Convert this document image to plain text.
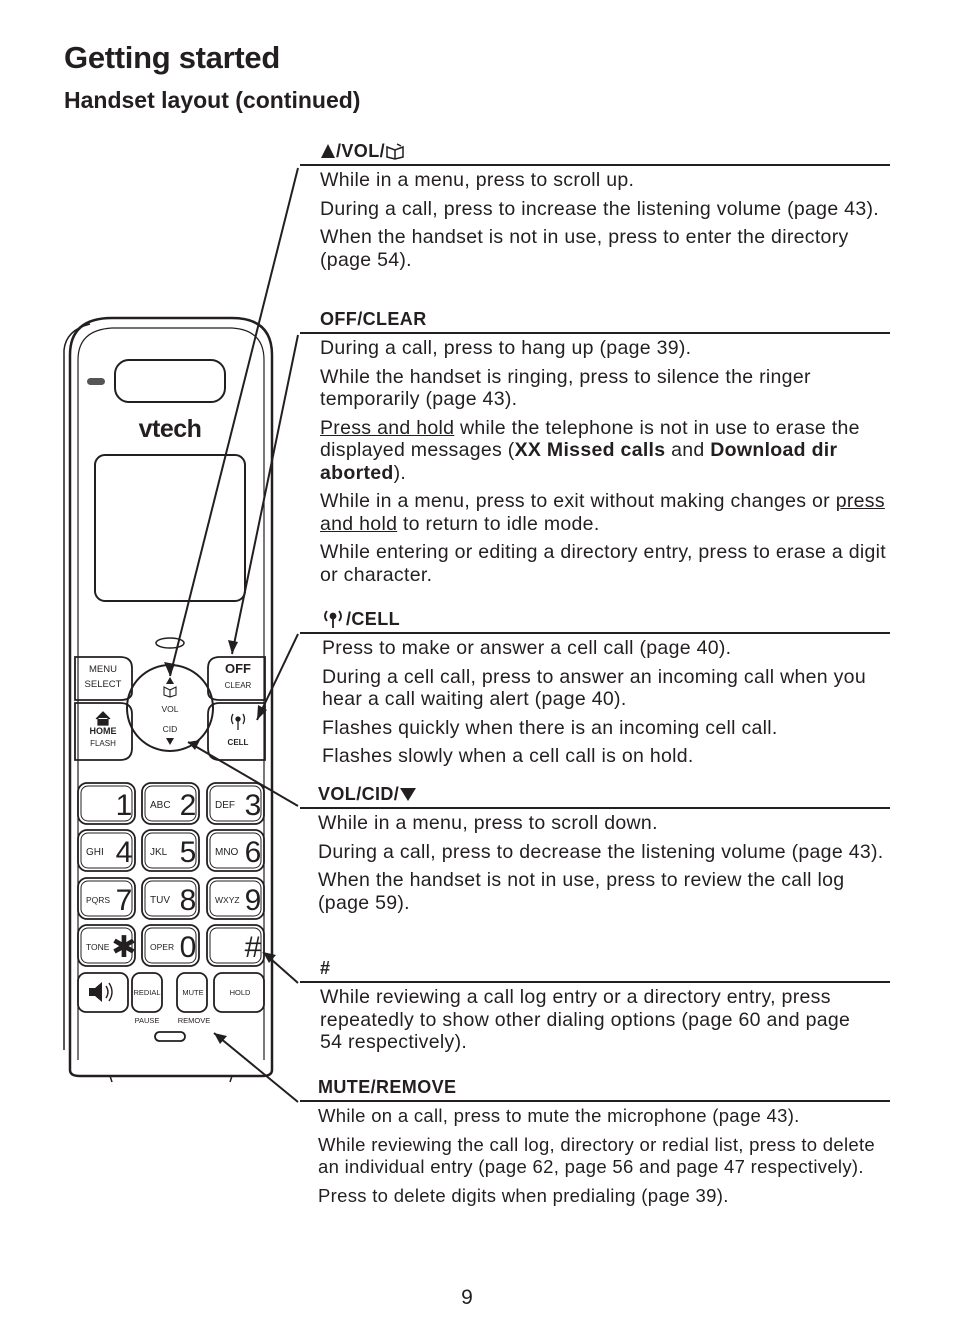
Getting started
Handset layout (continued)
vtech
MENU
SELECT
OFF
CLEAR
HOME
FLASH	CELL
VOL
CID
1 ABC 2 DEF 3
GHI 4 JKL 5 MNO 6
PQRS 7 TUV 8 WXYZ 9
TONE ✱ OPER 0 #
REDIAL	MUTE	HOLD
PAUSE REMOVE
/VOL/

While in a menu, press to scroll up.

During a call, press to increase the listening volume (page 43).

When the handset is not in use, press to enter the directory (page 54).

OFF/CLEAR

During a call, press to hang up (page 39).

While the handset is ringing, press to silence the ringer temporarily (page 43).

Press and hold while the telephone is not in use to erase the displayed messages (XX Missed calls and Download dir aborted).

While in a menu, press to exit without making changes or press and hold to return to idle mode.

While entering or editing a directory entry, press to erase a digit or character.

/CELL

Press to make or answer a cell call (page 40).

During a cell call, press to answer an incoming call when you hear a call waiting alert (page 40).

Flashes quickly when there is an incoming cell call.

Flashes slowly when a cell call is on hold.

VOL/CID/

While in a menu, press to scroll down.

During a call, press to decrease the listening volume (page 43).

When the handset is not in use, press to review the call log (page 59).

#

While reviewing a call log entry or a directory entry, press repeatedly to show other dialing options (page 60 and page 54 respectively).

MUTE/REMOVE

While on a call, press to mute the microphone (page 43).

While reviewing the call log, directory or redial list, press to delete an individual entry (page 62, page 56 and page 47 respectively).

Press to delete digits when predialing (page 39).

9
